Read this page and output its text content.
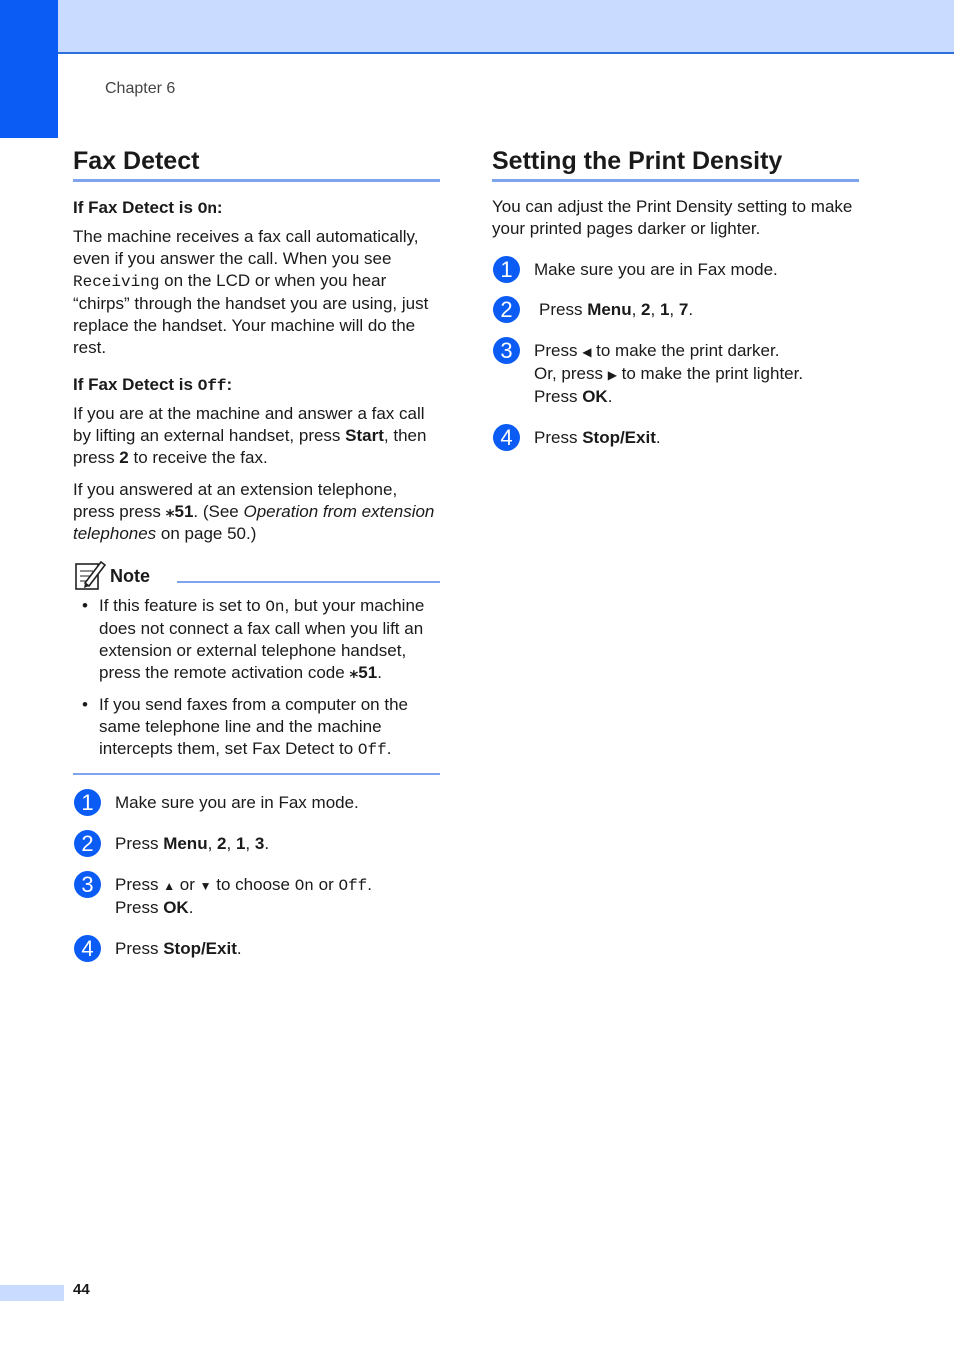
Chapter 6
Fax Detect
If Fax Detect is On:

The machine receives a fax call automatically, even if you answer the call. When you see Receiving on the LCD or when you hear “chirps” through the handset you are using, just replace the handset. Your machine will do the rest.

If Fax Detect is Off:

If you are at the machine and answer a fax call by lifting an external handset, press Start, then press 2 to receive the fax.

If you answered at an extension telephone, press press ⁎51. (See Operation from extension telephones on page 50.)

Note
• If this feature is set to On, but your machine does not connect a fax call when you lift an extension or external telephone handset, press the remote activation code ⁎51.
• If you send faxes from a computer on the same telephone line and the machine intercepts them, set Fax Detect to Off.
1	Make sure you are in Fax mode.
2	Press Menu, 2, 1, 3.
3	Press ▲ or ▼ to choose On or Off.
Press OK.
4	Press Stop/Exit.
Setting the Print Density

You can adjust the Print Density setting to make your printed pages darker or lighter.

1	Make sure you are in Fax mode.
2	Press Menu, 2, 1, 7.
3	Press ◀ to make the print darker.
Or, press ▶ to make the print lighter.
Press OK.
4	Press Stop/Exit.
44
